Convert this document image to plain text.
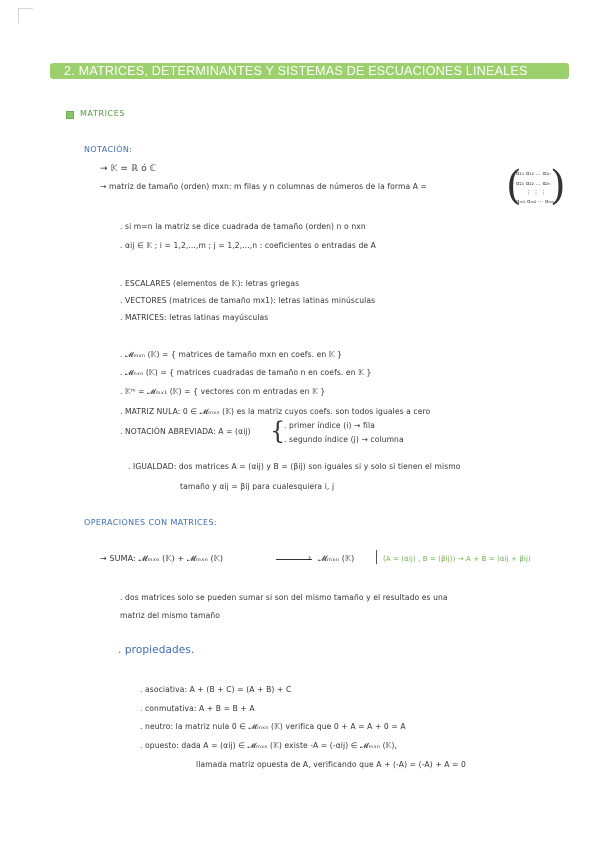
2. MATRICES, DETERMINANTES Y SISTEMAS DE ESCUACIONES LINEALES
MATRICES
NOTACIÓN:
→ 𝕂 = ℝ ó ℂ
→ matriz de tamaño (orden) mxn: m filas y n columnas de números de la forma A = (
α₁₁ α₁₂ ... α₁ₙ
α₂₁ α₂₂ ... α₂ₙ
⋮ ⋮ ⋮
αₘ₁ αₘ₂ ··· αₘₙ
)
. si m=n la matriz se dice cuadrada de tamaño (orden) n o nxn
. αij ∈ 𝕂 ; i = 1,2,...,m ; j = 1,2,...,n : coeficientes o entradas de A
. ESCALARES (elementos de 𝕂): letras griegas
. VECTORES (matrices de tamaño mx1): letras latinas minúsculas
. MATRICES: letras latinas mayúsculas
. 𝓜ₘₓₙ (𝕂) = { matrices de tamaño mxn en coefs. en 𝕂 }
. 𝓜ₙₓₙ (𝕂) = { matrices cuadradas de tamaño n en coefs. en 𝕂 }
. 𝕂ᵐ = 𝓜ₘₓ₁ (𝕂) = { vectores con m entradas en 𝕂 }
. MATRIZ NULA: 0 ∈ 𝓜ₘₓₙ (𝕂) es la matriz cuyos coefs. son todos iguales a cero
. NOTACIÓN ABREVIADA: A = (αij) {
. primer índice (i) → fila
. segundo índice (j) → columna
. IGUALDAD: dos matrices A = (αij) y B = (βij) son iguales si y solo si tienen el mismo
tamaño y αij = βij para cualesquiera i, j
OPERACIONES CON MATRICES:
→ SUMA: 𝓜ₘₓₙ (𝕂) + 𝓜ₘₓₙ (𝕂)	› 𝓜ₘₓₙ (𝕂)	(A = (αij) , B = (βij)) → A + B = (αij + βij)
. dos matrices solo se pueden sumar si son del mismo tamaño y el resultado es una
matriz del mismo tamaño
. propiedades.
. asociativa: A + (B + C) = (A + B) + C
. conmutativa: A + B = B + A
. neutro: la matriz nula 0 ∈ 𝓜ₘₓₙ (𝕂) verifica que 0 + A = A + 0 = A
. opuesto: dada A = (αij) ∈ 𝓜ₘₓₙ (𝕂) existe -A = (-αij) ∈ 𝓜ₘₓₙ (𝕂),
llamada matriz opuesta de A, verificando que A + (-A) = (-A) + A = 0
